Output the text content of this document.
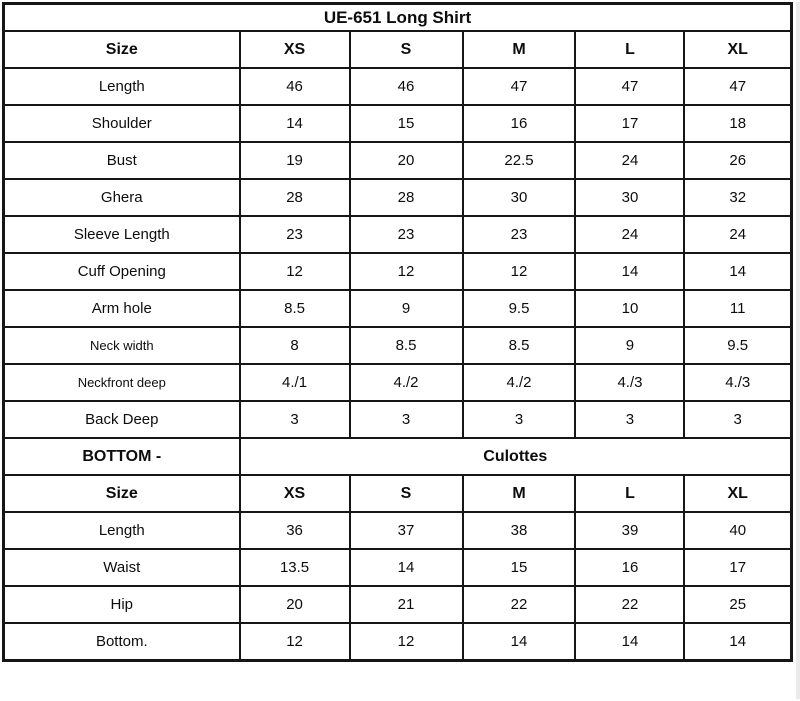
UE-651 Long Shirt					
Size	XS	S	M	L	XL
Length	46	46	47	47	47
Shoulder	14	15	16	17	18
Bust	19	20	22.5	24	26
Ghera	28	28	30	30	32
Sleeve Length	23	23	23	24	24
Cuff Opening	12	12	12	14	14
Arm hole	8.5	9	9.5	10	11
Neck width	8	8.5	8.5	9	9.5
Neckfront deep	4./1	4./2	4./2	4./3	4./3
Back Deep	3	3	3	3	3
BOTTOM -	Culottes				
Size	XS	S	M	L	XL
Length	36	37	38	39	40
Waist	13.5	14	15	16	17
Hip	20	21	22	22	25
Bottom.	12	12	14	14	14
